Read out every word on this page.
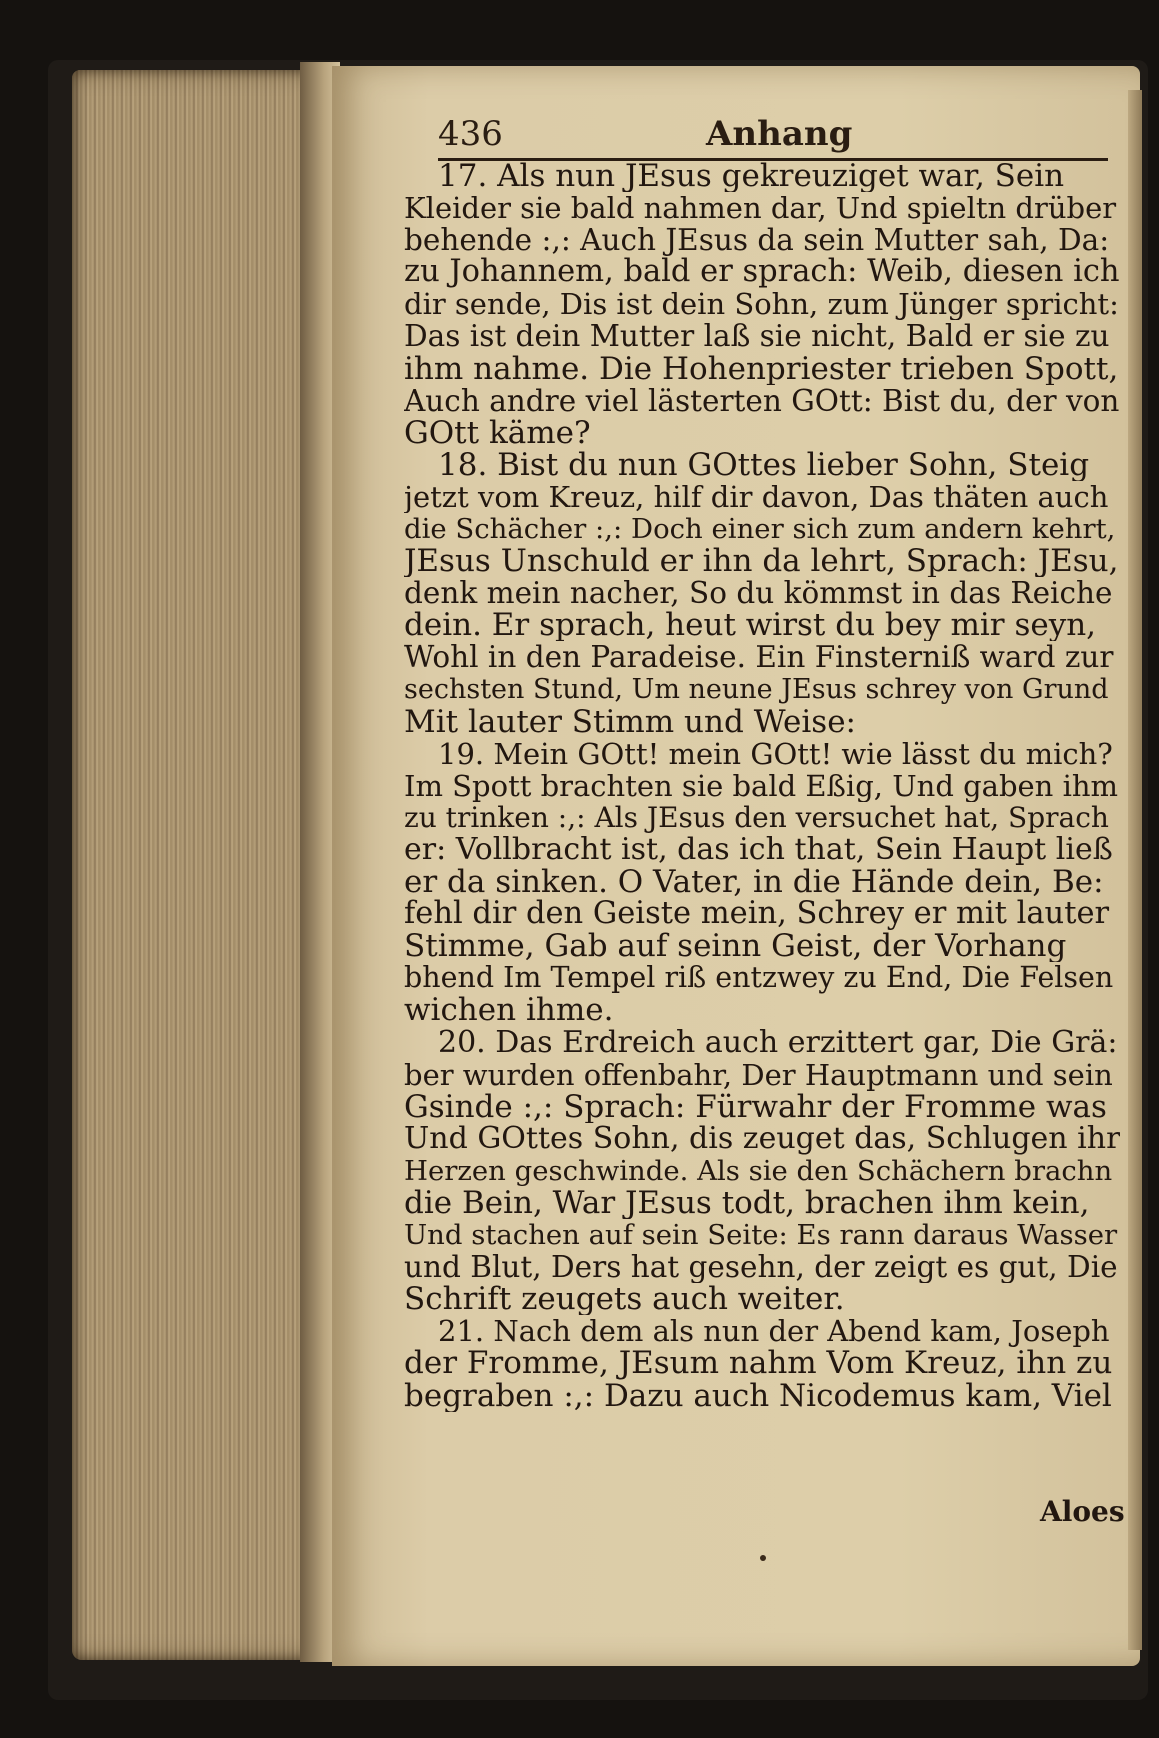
436	Anhang
17. Als nun JEsus gekreuziget war, Sein
Kleider sie bald nahmen dar, Und spieltn drüber
behende :,: Auch JEsus da sein Mutter sah, Da:
zu Johannem, bald er sprach: Weib, diesen ich
dir sende, Dis ist dein Sohn, zum Jünger spricht:
Das ist dein Mutter laß sie nicht, Bald er sie zu
ihm nahme. Die Hohenpriester trieben Spott,
Auch andre viel lästerten GOtt: Bist du, der von
GOtt käme?
18. Bist du nun GOttes lieber Sohn, Steig
jetzt vom Kreuz, hilf dir davon, Das thäten auch
die Schächer :,: Doch einer sich zum andern kehrt,
JEsus Unschuld er ihn da lehrt, Sprach: JEsu,
denk mein nacher, So du kömmst in das Reiche
dein. Er sprach, heut wirst du bey mir seyn,
Wohl in den Paradeise. Ein Finsterniß ward zur
sechsten Stund, Um neune JEsus schrey von Grund
Mit lauter Stimm und Weise:
19. Mein GOtt! mein GOtt! wie lässt du mich?
Im Spott brachten sie bald Eßig, Und gaben ihm
zu trinken :,: Als JEsus den versuchet hat, Sprach
er: Vollbracht ist, das ich that, Sein Haupt ließ
er da sinken. O Vater, in die Hände dein, Be:
fehl dir den Geiste mein, Schrey er mit lauter
Stimme, Gab auf seinn Geist, der Vorhang
bhend Im Tempel riß entzwey zu End, Die Felsen
wichen ihme.
20. Das Erdreich auch erzittert gar, Die Grä:
ber wurden offenbahr, Der Hauptmann und sein
Gsinde :,: Sprach: Fürwahr der Fromme was
Und GOttes Sohn, dis zeuget das, Schlugen ihr
Herzen geschwinde. Als sie den Schächern brachn
die Bein, War JEsus todt, brachen ihm kein,
Und stachen auf sein Seite: Es rann daraus Wasser
und Blut, Ders hat gesehn, der zeigt es gut, Die
Schrift zeugets auch weiter.
21. Nach dem als nun der Abend kam, Joseph
der Fromme, JEsum nahm Vom Kreuz, ihn zu
begraben :,: Dazu auch Nicodemus kam, Viel
Aloes
